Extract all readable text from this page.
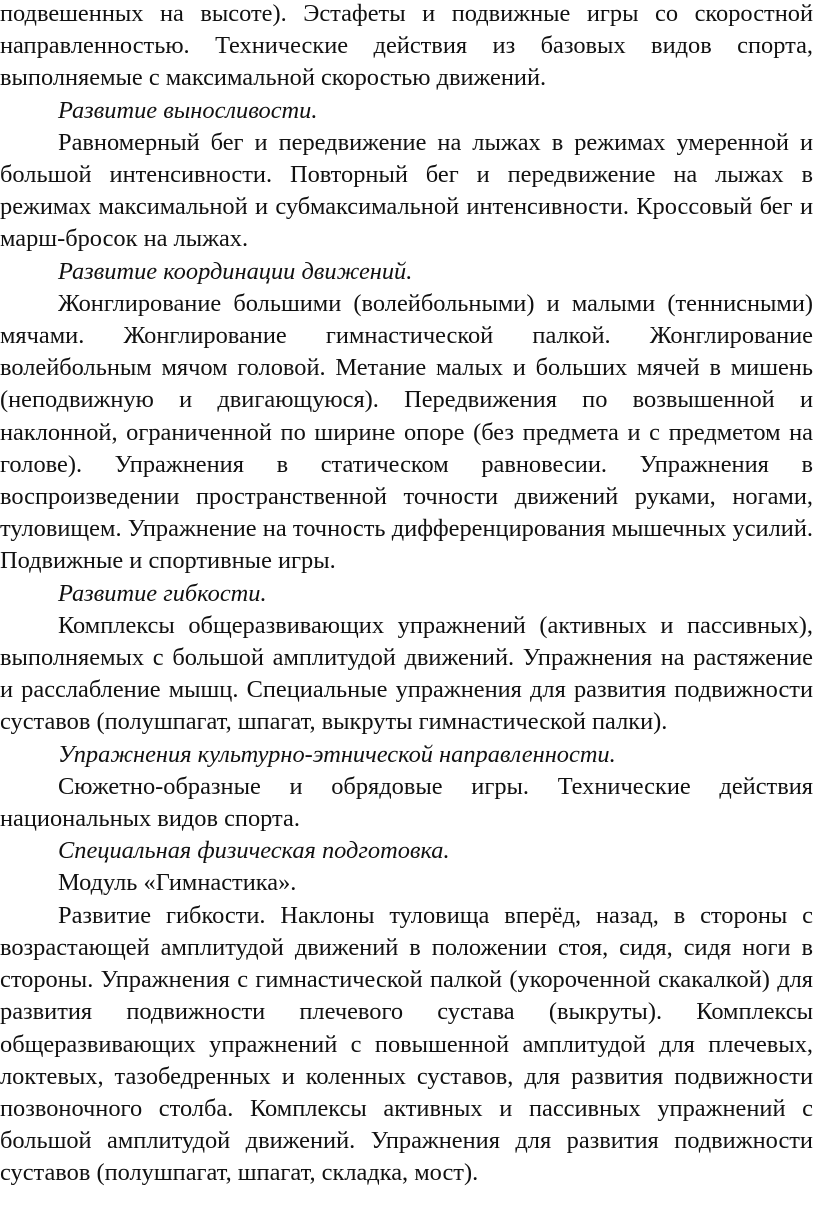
подвешенных на высоте). Эстафеты и подвижные игры со скоростной направленностью. Технические действия из базовых видов спорта, выполняемые с максимальной скоростью движений.

Развитие выносливости.

Равномерный бег и передвижение на лыжах в режимах умеренной и большой интенсивности. Повторный бег и передвижение на лыжах в режимах максимальной и субмаксимальной интенсивности. Кроссовый бег и марш-бросок на лыжах.

Развитие координации движений.

Жонглирование большими (волейбольными) и малыми (теннисными) мячами. Жонглирование гимнастической палкой. Жонглирование волейбольным мячом головой. Метание малых и больших мячей в мишень (неподвижную и двигающуюся). Передвижения по возвышенной и наклонной, ограниченной по ширине опоре (без предмета и с предметом на голове). Упражнения в статическом равновесии. Упражнения в воспроизведении пространственной точности движений руками, ногами, туловищем. Упражнение на точность дифференцирования мышечных усилий. Подвижные и спортивные игры.

Развитие гибкости.

Комплексы общеразвивающих упражнений (активных и пассивных), выполняемых с большой амплитудой движений. Упражнения на растяжение и расслабление мышц. Специальные упражнения для развития подвижности суставов (полушпагат, шпагат, выкруты гимнастической палки).

Упражнения культурно-этнической направленности.

Сюжетно-образные и обрядовые игры. Технические действия национальных видов спорта.

Специальная физическая подготовка.

Модуль «Гимнастика».

Развитие гибкости. Наклоны туловища вперёд, назад, в стороны с возрастающей амплитудой движений в положении стоя, сидя, сидя ноги в стороны. Упражнения с гимнастической палкой (укороченной скакалкой) для развития подвижности плечевого сустава (выкруты). Комплексы общеразвивающих упражнений с повышенной амплитудой для плечевых, локтевых, тазобедренных и коленных суставов, для развития подвижности позвоночного столба. Комплексы активных и пассивных упражнений с большой амплитудой движений. Упражнения для развития подвижности суставов (полушпагат, шпагат, складка, мост).
